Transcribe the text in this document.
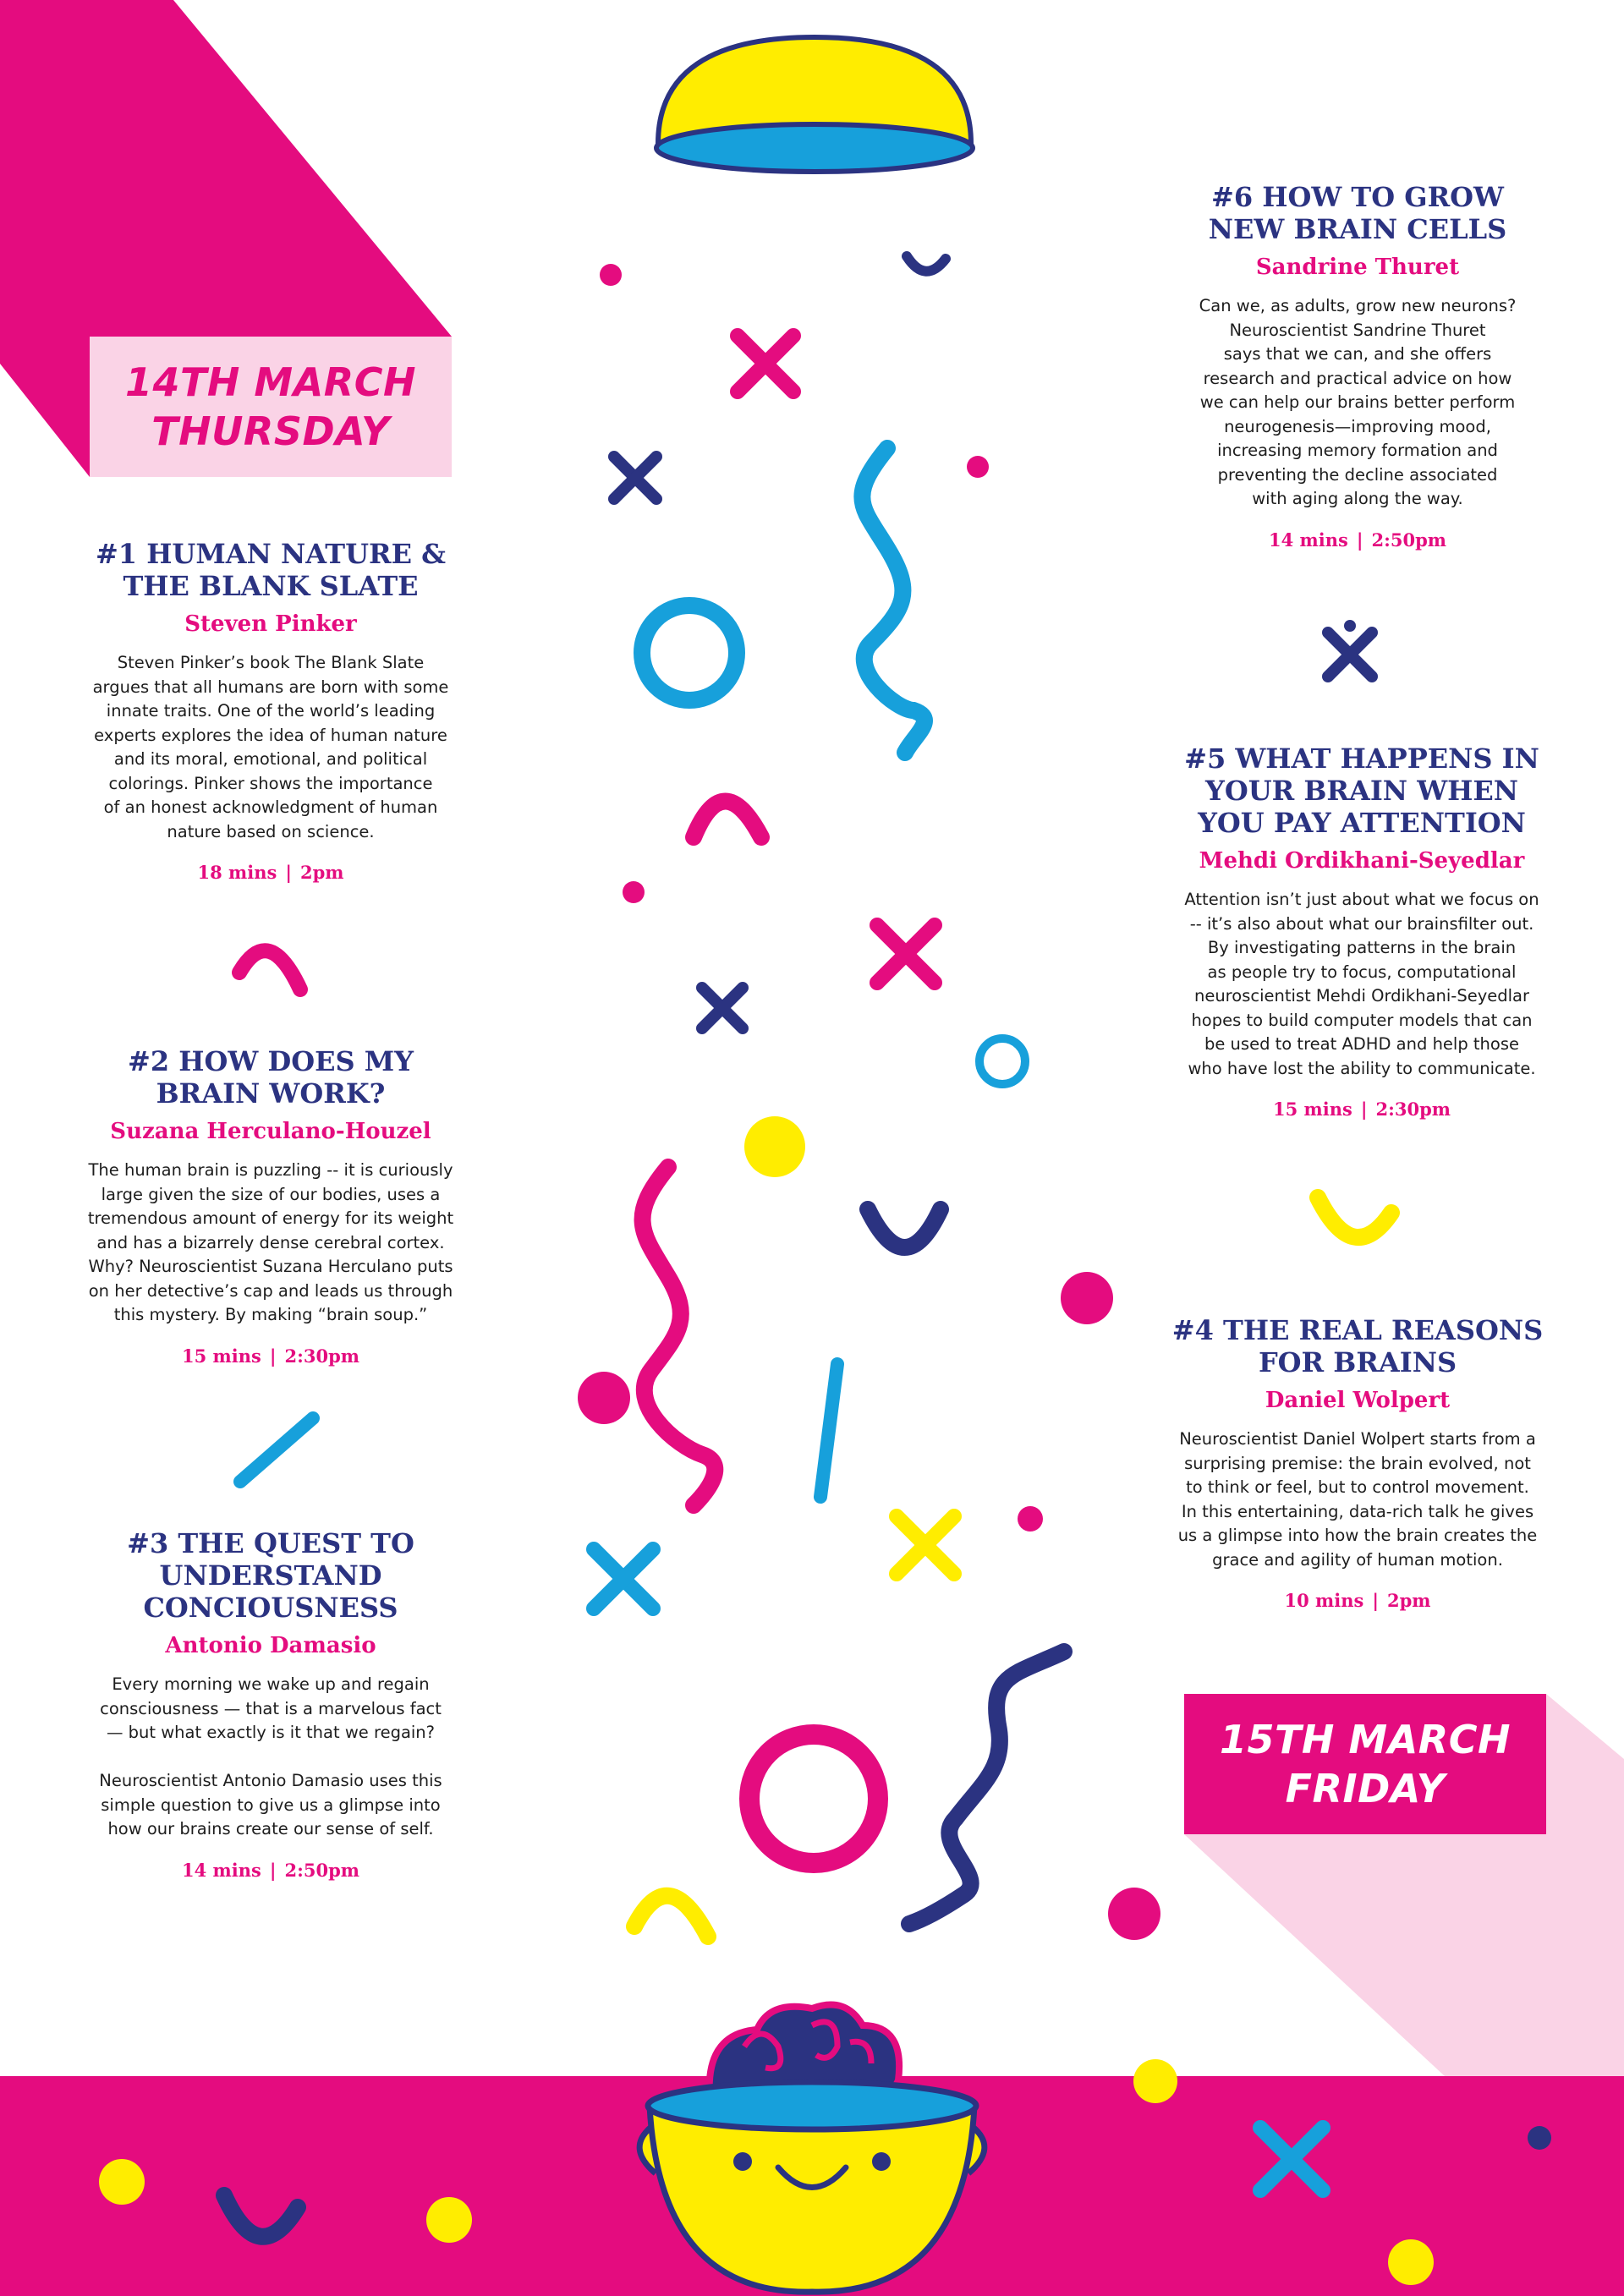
14TH MARCH
THURSDAY
15TH MARCH
FRIDAY
#1 HUMAN NATURE &
THE BLANK SLATE
Steven Pinker
Steven Pinker’s book The Blank Slate
argues that all humans are born with some
innate traits. One of the world’s leading
experts explores the idea of human nature
and its moral, emotional, and political
colorings. Pinker shows the importance
of an honest acknowledgment of human
nature based on science.
18 mins | 2pm
#2 HOW DOES MY
BRAIN WORK?
Suzana Herculano-Houzel
The human brain is puzzling -- it is curiously
large given the size of our bodies, uses a
tremendous amount of energy for its weight
and has a bizarrely dense cerebral cortex.
Why? Neuroscientist Suzana Herculano puts
on her detective’s cap and leads us through
this mystery. By making “brain soup.”
15 mins | 2:30pm
#3 THE QUEST TO
UNDERSTAND
CONCIOUSNESS
Antonio Damasio
Every morning we wake up and regain
consciousness — that is a marvelous fact
— but what exactly is it that we regain?

Neuroscientist Antonio Damasio uses this
simple question to give us a glimpse into
how our brains create our sense of self.
14 mins | 2:50pm
#6 HOW TO GROW
NEW BRAIN CELLS
Sandrine Thuret
Can we, as adults, grow new neurons?
Neuroscientist Sandrine Thuret
says that we can, and she offers
research and practical advice on how
we can help our brains better perform
neurogenesis—improving mood,
increasing memory formation and
preventing the decline associated
with aging along the way.
14 mins | 2:50pm
#5 WHAT HAPPENS IN
YOUR BRAIN WHEN
YOU PAY ATTENTION
Mehdi Ordikhani-Seyedlar
Attention isn’t just about what we focus on
-- it’s also about what our brainsfilter out.
By investigating patterns in the brain
as people try to focus, computational
neuroscientist Mehdi Ordikhani-Seyedlar
hopes to build computer models that can
be used to treat ADHD and help those
who have lost the ability to communicate.
15 mins | 2:30pm
#4 THE REAL REASONS
FOR BRAINS
Daniel Wolpert
Neuroscientist Daniel Wolpert starts from a
surprising premise: the brain evolved, not
to think or feel, but to control movement.
In this entertaining, data-rich talk he gives
us a glimpse into how the brain creates the
grace and agility of human motion.
10 mins | 2pm
